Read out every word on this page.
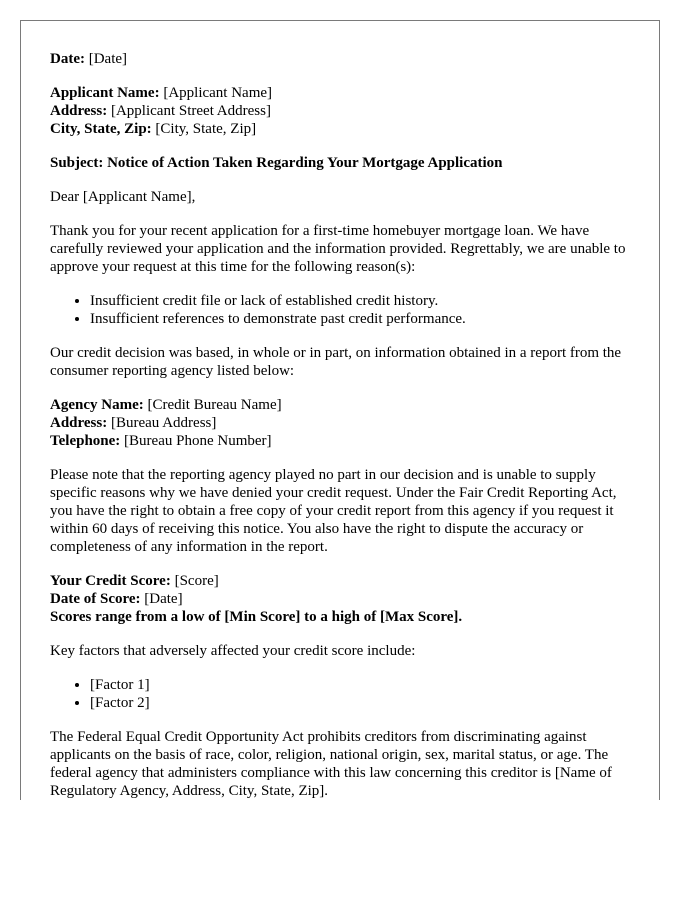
Date: [Date]

Applicant Name: [Applicant Name]
Address: [Applicant Street Address]
City, State, Zip: [City, State, Zip]

Subject: Notice of Action Taken Regarding Your Mortgage Application

Dear [Applicant Name],

Thank you for your recent application for a first-time homebuyer mortgage loan. We have carefully reviewed your application and the information provided. Regrettably, we are unable to approve your request at this time for the following reason(s):

• Insufficient credit file or lack of established credit history.
• Insufficient references to demonstrate past credit performance.

Our credit decision was based, in whole or in part, on information obtained in a report from the consumer reporting agency listed below:

Agency Name: [Credit Bureau Name]
Address: [Bureau Address]
Telephone: [Bureau Phone Number]

Please note that the reporting agency played no part in our decision and is unable to supply specific reasons why we have denied your credit request. Under the Fair Credit Reporting Act, you have the right to obtain a free copy of your credit report from this agency if you request it within 60 days of receiving this notice. You also have the right to dispute the accuracy or completeness of any information in the report.

Your Credit Score: [Score]
Date of Score: [Date]
Scores range from a low of [Min Score] to a high of [Max Score].

Key factors that adversely affected your credit score include:

• [Factor 1]
• [Factor 2]

The Federal Equal Credit Opportunity Act prohibits creditors from discriminating against applicants on the basis of race, color, religion, national origin, sex, marital status, or age. The federal agency that administers compliance with this law concerning this creditor is [Name of Regulatory Agency, Address, City, State, Zip].
